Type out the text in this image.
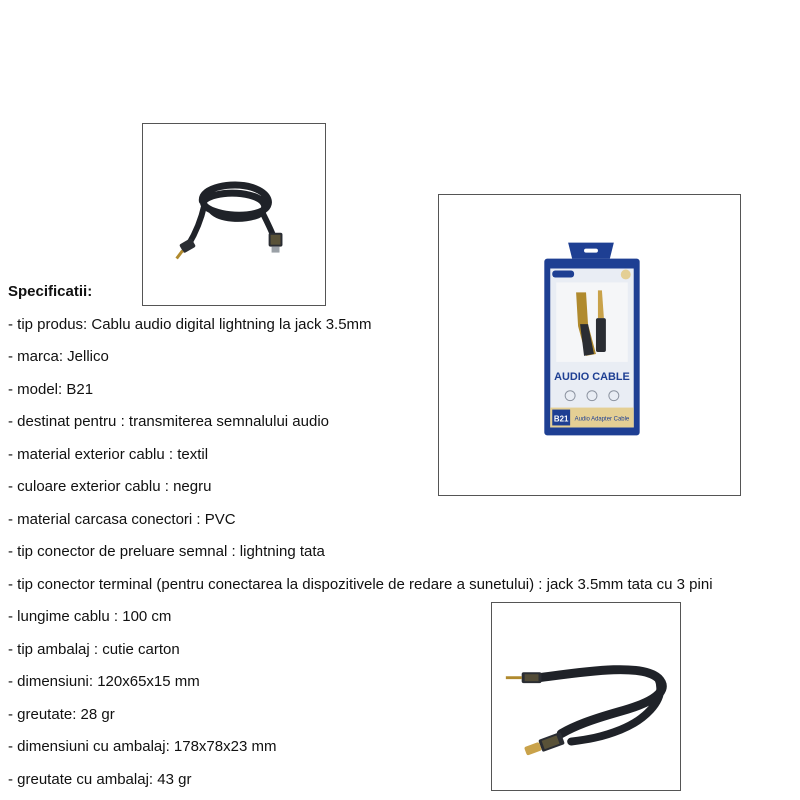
AUDIO CABLE
B21 Audio Adapter Cable
Specificatii:
- tip produs: Cablu audio digital lightning la jack 3.5mm
- marca: Jellico
- model: B21
- destinat pentru : transmiterea semnalului audio
- material exterior cablu : textil
- culoare exterior cablu : negru
- material carcasa conectori : PVC
- tip conector de preluare semnal : lightning tata
- tip conector terminal (pentru conectarea la dispozitivele de redare a sunetului) : jack 3.5mm tata cu 3 pini
- lungime cablu : 100 cm
- tip ambalaj : cutie carton
- dimensiuni: 120x65x15 mm
- greutate: 28 gr
- dimensiuni cu ambalaj: 178x78x23 mm
- greutate cu ambalaj: 43 gr
